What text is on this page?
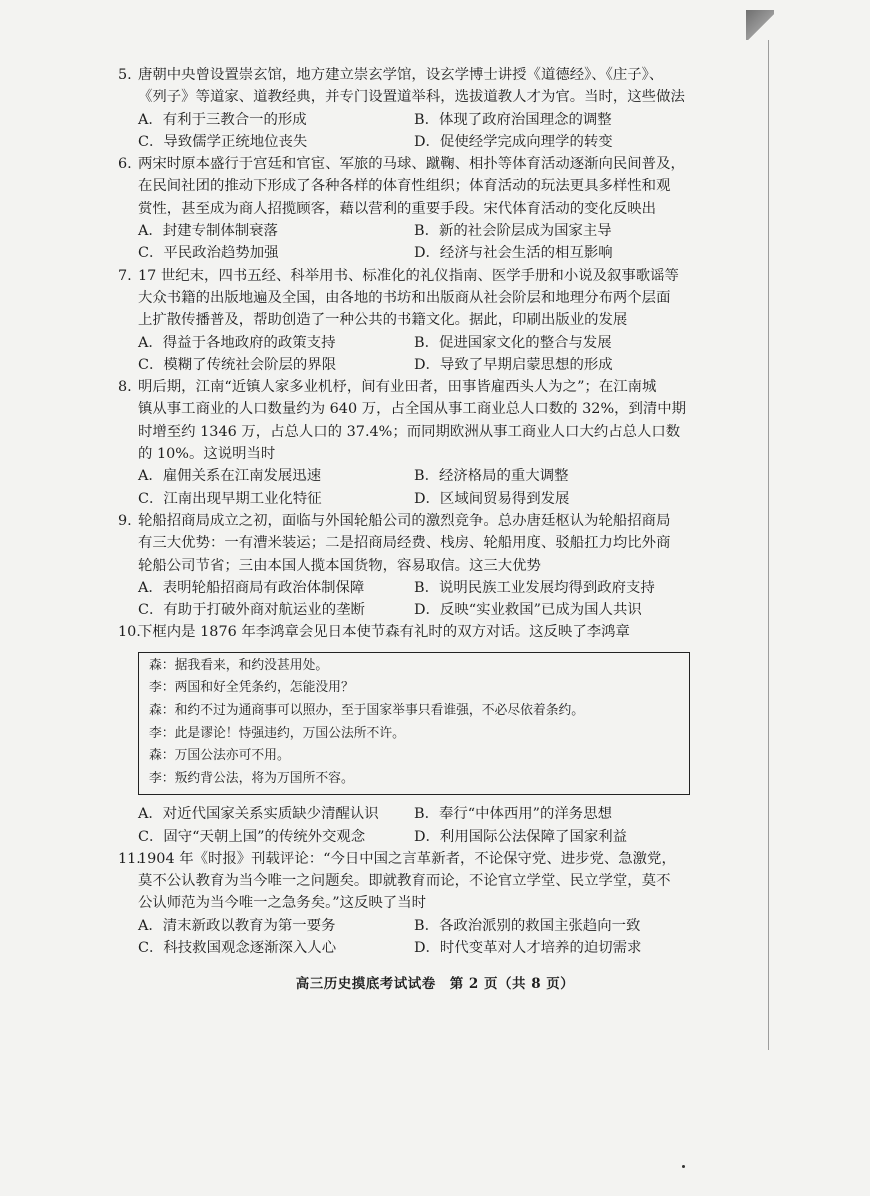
5. 唐朝中央曾设置崇玄馆，地方建立崇玄学馆，设玄学博士讲授《道德经》、《庄子》、
《列子》等道家、道教经典，并专门设置道举科，选拔道教人才为官。当时，这些做法
A．有利于三教合一的形成	B．体现了政府治国理念的调整
C．导致儒学正统地位丧失	D．促使经学完成向理学的转变
6. 两宋时原本盛行于宫廷和官宦、军旅的马球、蹴鞠、相扑等体育活动逐渐向民间普及，
在民间社团的推动下形成了各种各样的体育性组织；体育活动的玩法更具多样性和观
赏性，甚至成为商人招揽顾客，藉以营利的重要手段。宋代体育活动的变化反映出
A．封建专制体制衰落	B．新的社会阶层成为国家主导
C．平民政治趋势加强	D．经济与社会生活的相互影响
7. 17 世纪末，四书五经、科举用书、标准化的礼仪指南、医学手册和小说及叙事歌谣等
大众书籍的出版地遍及全国，由各地的书坊和出版商从社会阶层和地理分布两个层面
上扩散传播普及，帮助创造了一种公共的书籍文化。据此，印刷出版业的发展
A．得益于各地政府的政策支持	B．促进国家文化的整合与发展
C．模糊了传统社会阶层的界限	D．导致了早期启蒙思想的形成
8. 明后期，江南“近镇人家多业机杼，间有业田者，田事皆雇西头人为之”；在江南城
镇从事工商业的人口数量约为 640 万，占全国从事工商业总人口数的 32%，到清中期
时增至约 1346 万，占总人口的 37.4%；而同期欧洲从事工商业人口大约占总人口数
的 10%。这说明当时
A．雇佣关系在江南发展迅速	B．经济格局的重大调整
C．江南出现早期工业化特征	D．区域间贸易得到发展
9. 轮船招商局成立之初，面临与外国轮船公司的激烈竞争。总办唐廷枢认为轮船招商局
有三大优势：一有漕米装运；二是招商局经费、栈房、轮船用度、驳船扛力均比外商
轮船公司节省；三由本国人揽本国货物，容易取信。这三大优势
A．表明轮船招商局有政治体制保障	B．说明民族工业发展均得到政府支持
C．有助于打破外商对航运业的垄断	D．反映“实业救国”已成为国人共识
10.下框内是 1876 年李鸿章会见日本使节森有礼时的双方对话。这反映了李鸿章
森：据我看来，和约没甚用处。
李：两国和好全凭条约，怎能没用？
森：和约不过为通商事可以照办，至于国家举事只看谁强，不必尽依着条约。
李：此是谬论！恃强违约，万国公法所不许。
森：万国公法亦可不用。
李：叛约背公法，将为万国所不容。
A．对近代国家关系实质缺少清醒认识	B．奉行“中体西用”的洋务思想
C．固守“天朝上国”的传统外交观念	D．利用国际公法保障了国家利益
11.1904 年《时报》刊载评论：“今日中国之言革新者，不论保守党、进步党、急激党，
莫不公认教育为当今唯一之问题矣。即就教育而论，不论官立学堂、民立学堂，莫不
公认师范为当今唯一之急务矣。”这反映了当时
A．清末新政以教育为第一要务	B．各政治派别的救国主张趋向一致
C．科技救国观念逐渐深入人心	D．时代变革对人才培养的迫切需求
高三历史摸底考试试卷　第 2 页（共 8 页）
